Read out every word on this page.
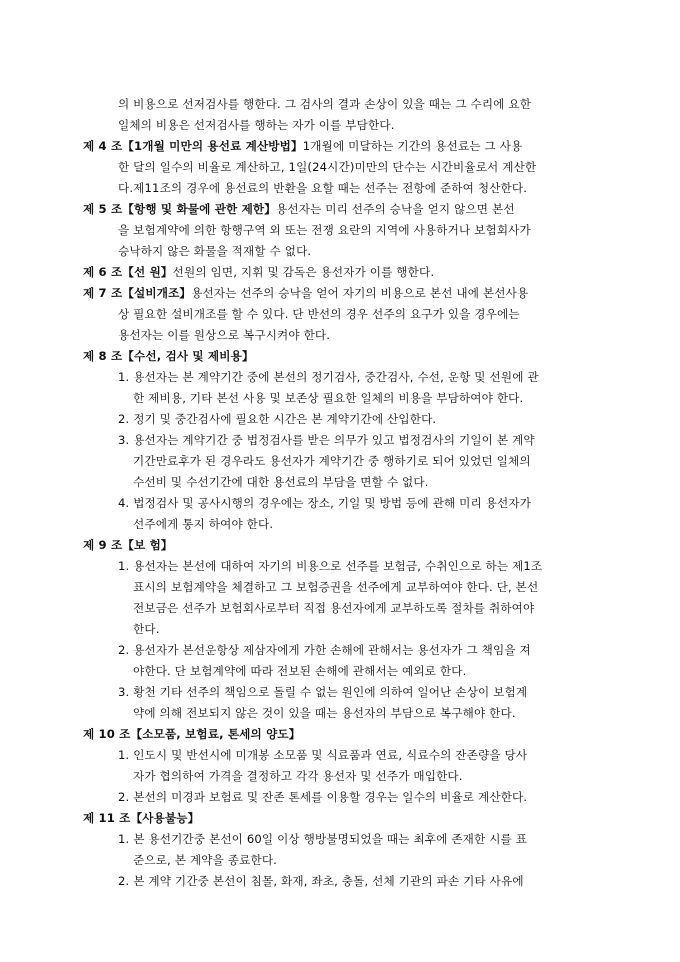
의 비용으로 선저검사를 행한다. 그 검사의 결과 손상이 있을 때는 그 수리에 요한
일체의 비용은 선저검사를 행하는 자가 이를 부담한다.
제 4 조【1개월 미만의 용선료 계산방법】1개월에 미달하는 기간의 용선료는 그 사용
한 달의 일수의 비율로 계산하고, 1일(24시간)미만의 단수는 시간비율로서 계산한
다.제11조의 경우에 용선료의 반환을 요할 때는 선주는 전항에 준하여 청산한다.
제 5 조【항행 및 화물에 관한 제한】용선자는 미리 선주의 승낙을 얻지 않으면 본선
을 보험계약에 의한 항행구역 외 또는 전쟁 요란의 지역에 사용하거나 보험회사가
승낙하지 않은 화물을 적재할 수 없다.
제 6 조【선 원】선원의 임면, 지휘 및 감독은 용선자가 이를 행한다.
제 7 조【설비개조】용선자는 선주의 승낙을 얻어 자기의 비용으로 본선 내에 본선사용
상 필요한 설비개조를 할 수 있다. 단 반선의 경우 선주의 요구가 있을 경우에는
용선자는 이를 원상으로 복구시켜야 한다.
제 8 조【수선, 검사 및 제비용】
1. 용선자는 본 계약기간 중에 본선의 정기검사, 중간검사, 수선, 운항 및 선원에 관
한 제비용, 기타 본선 사용 및 보존상 필요한 일체의 비용을 부담하여야 한다.
2. 정기 및 중간검사에 필요한 시간은 본 계약기간에 산입한다.
3. 용선자는 계약기간 중 법정검사를 받은 의무가 있고 법정검사의 기일이 본 계약
기간만료후가 된 경우라도 용선자가 계약기간 중 행하기로 되어 있었던 일체의
수선비 및 수선기간에 대한 용선료의 부담을 면할 수 없다.
4. 법정검사 및 공사시행의 경우에는 장소, 기일 및 방법 등에 관해 미리 용선자가
선주에게 통지 하여야 한다.
제 9 조【보 험】
1. 용선자는 본선에 대하여 자기의 비용으로 선주를 보험금, 수취인으로 하는 제1조
표시의 보험계약을 체결하고 그 보험증권을 선주에게 교부하여야 한다. 단, 본선
전보금은 선주가 보험회사로부터 직접 용선자에게 교부하도록 절차를 취하여야
한다.
2. 용선자가 본선운항상 제삼자에게 가한 손해에 관해서는 용선자가 그 책임을 져
야한다. 단 보험계약에 따라 전보된 손해에 관해서는 예외로 한다.
3. 황천 기타 선주의 책임으로 돌릴 수 없는 원인에 의하여 일어난 손상이 보험계
약에 의해 전보되지 않은 것이 있을 때는 용선자의 부담으로 복구해야 한다.
제 10 조【소모품, 보험료, 톤세의 양도】
1. 인도시 및 반선시에 미개봉 소모품 및 식료품과 연료, 식료수의 잔존량을 당사
자가 협의하여 가격을 결정하고 각각 용선자 및 선주가 매입한다.
2. 본선의 미경과 보험료 및 잔존 톤세를 이용할 경우는 일수의 비율로 계산한다.
제 11 조【사용불능】
1. 본 용선기간중 본선이 60일 이상 행방불명되었을 때는 최후에 존재한 시를 표
준으로, 본 계약을 종료한다.
2. 본 계약 기간중 본선이 침몰, 화재, 좌초, 충돌, 선체 기관의 파손 기타 사유에
